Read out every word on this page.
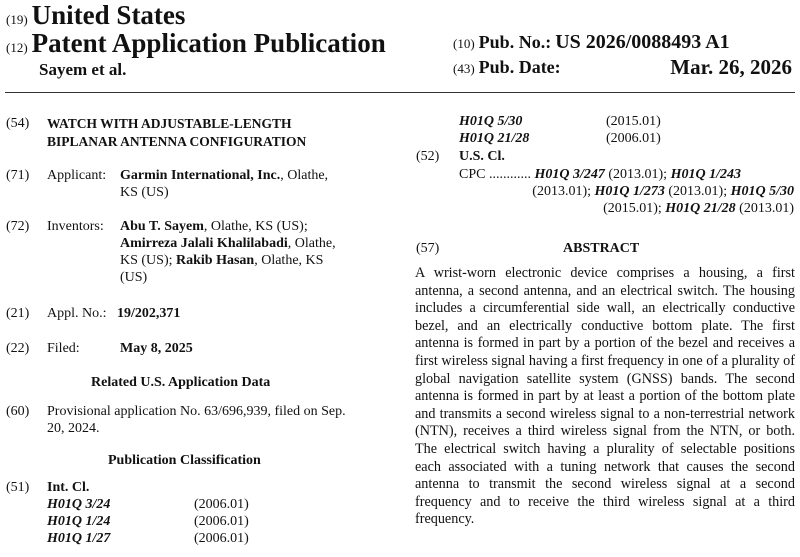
(19) United States
(12) Patent Application Publication
Sayem et al.
(10) Pub. No.: US 2026/0088493 A1
(43) Pub. Date:	Mar. 26, 2026
(54) WATCH WITH ADJUSTABLE-LENGTH
BIPLANAR ANTENNA CONFIGURATION
(71) Applicant: Garmin International, Inc., Olathe,
KS (US)
(72) Inventors: Abu T. Sayem, Olathe, KS (US);
Amirreza Jalali Khalilabadi, Olathe,
KS (US); Rakib Hasan, Olathe, KS
(US)
(21) Appl. No.: 19/202,371
(22) Filed:	May 8, 2025
Related U.S. Application Data
(60) Provisional application No. 63/696,939, filed on Sep.
20, 2024.
Publication Classification
(51) Int. Cl.
H01Q 3/24	(2006.01)
H01Q 1/24	(2006.01)
H01Q 1/27	(2006.01)
H01Q 5/30	(2015.01)
H01Q 21/28	(2006.01)
(52) U.S. Cl.
CPC ............ H01Q 3/247 (2013.01); H01Q 1/243
(2013.01); H01Q 1/273 (2013.01); H01Q 5/30
(2015.01); H01Q 21/28 (2013.01)
(57)	ABSTRACT

A wrist-worn electronic device comprises a housing, a first antenna, a second antenna, and an electrical switch. The housing includes a circumferential side wall, an electrically conductive bezel, and an electrically conductive bottom plate. The first antenna is formed in part by a portion of the bezel and receives a first wireless signal having a first frequency in one of a plurality of global navigation satellite system (GNSS) bands. The second antenna is formed in part by at least a portion of the bottom plate and transmits a second wireless signal to a non-terrestrial network (NTN), receives a third wireless signal from the NTN, or both. The electrical switch having a plurality of selectable positions each associated with a tuning network that causes the second antenna to transmit the second wireless signal at a second frequency and to receive the third wireless signal at a third frequency.
